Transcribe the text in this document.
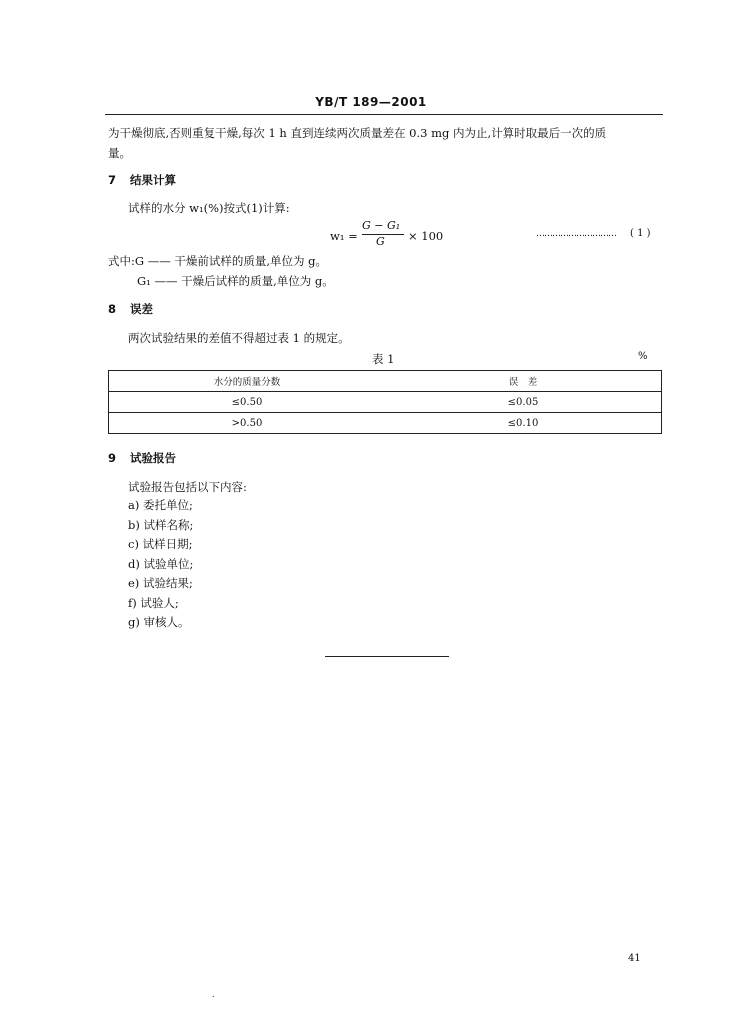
YB/T 189—2001
为干燥彻底,否则重复干燥,每次 1 h 直到连续两次质量差在 0.3 mg 内为止,计算时取最后一次的质
量。
7 结果计算
试样的水分 w₁(%)按式(1)计算:
w₁ =
G − G₁
G × 100	………………………… ( 1 )
式中:G —— 干燥前试样的质量,单位为 g。
G₁ —— 干燥后试样的质量,单位为 g。
8 误差
两次试验结果的差值不得超过表 1 的规定。
表 1	%
水分的质量分数	误　差
≤0.50	≤0.05
>0.50	≤0.10
9 试验报告
试验报告包括以下内容:
a) 委托单位;
b) 试样名称;
c) 试样日期;
d) 试验单位;
e) 试验结果;
f) 试验人;
g) 审核人。
41
.
